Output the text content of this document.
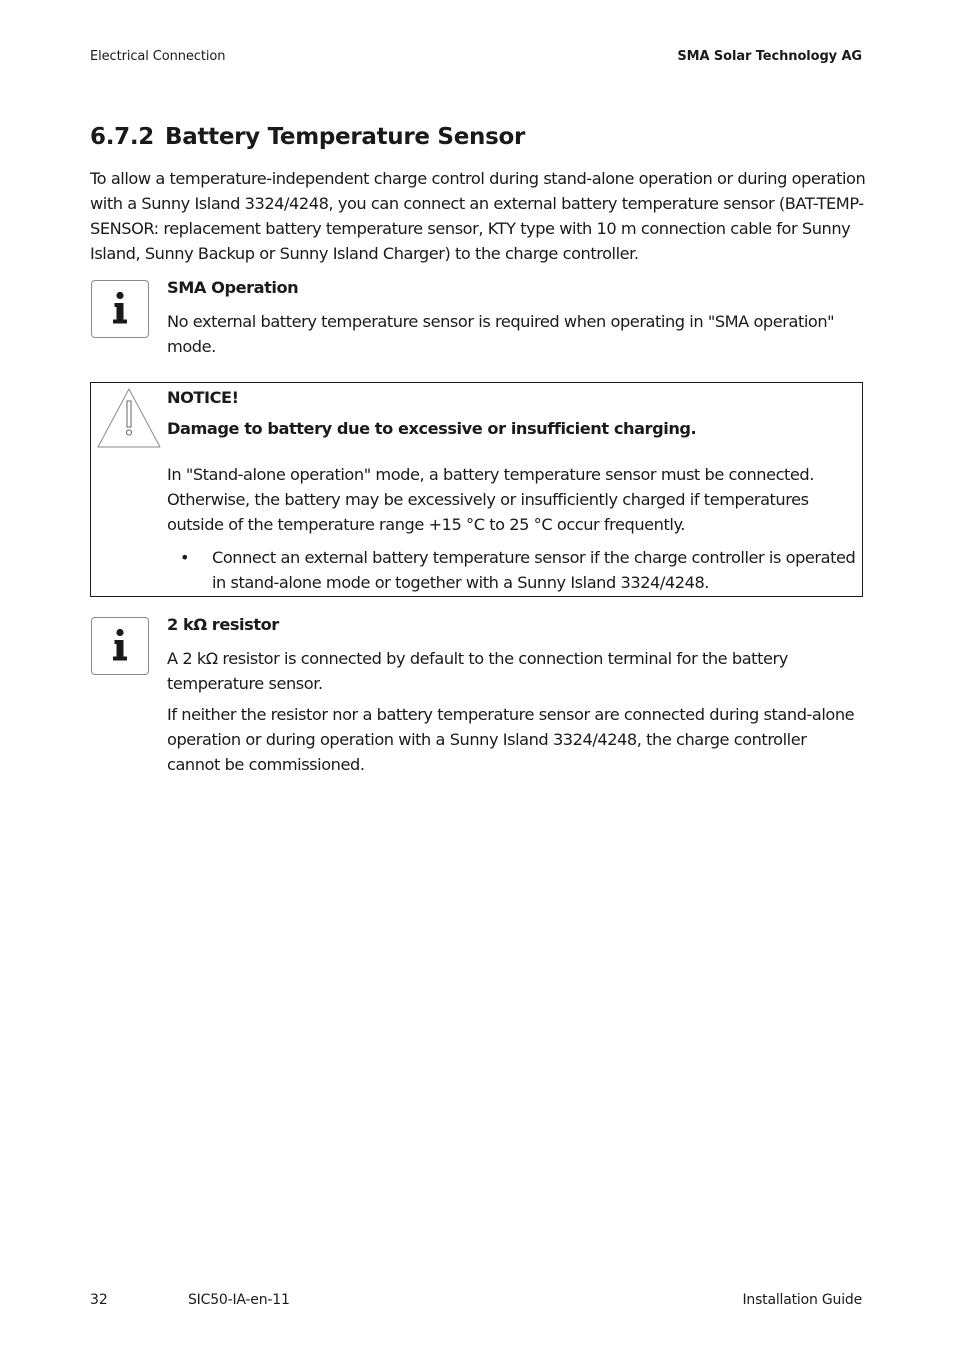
Electrical Connection	SMA Solar Technology AG
6.7.2 Battery Temperature Sensor

To allow a temperature-independent charge control during stand-alone operation or during operation with a Sunny Island 3324/4248, you can connect an external battery temperature sensor (BAT-TEMP-SENSOR: replacement battery temperature sensor, KTY type with 10 m connection cable for Sunny Island, Sunny Backup or Sunny Island Charger) to the charge controller.

SMA Operation

No external battery temperature sensor is required when operating in "SMA operation" mode.

NOTICE!

Damage to battery due to excessive or insufficient charging.

In "Stand-alone operation" mode, a battery temperature sensor must be connected. Otherwise, the battery may be excessively or insufficiently charged if temperatures outside of the temperature range +15 °C to 25 °C occur frequently.

• Connect an external battery temperature sensor if the charge controller is operated in stand-alone mode or together with a Sunny Island 3324/4248.

2 kΩ resistor

A 2 kΩ resistor is connected by default to the connection terminal for the battery temperature sensor.

If neither the resistor nor a battery temperature sensor are connected during stand-alone operation or during operation with a Sunny Island 3324/4248, the charge controller cannot be commissioned.

32	SIC50-IA-en-11	Installation Guide
